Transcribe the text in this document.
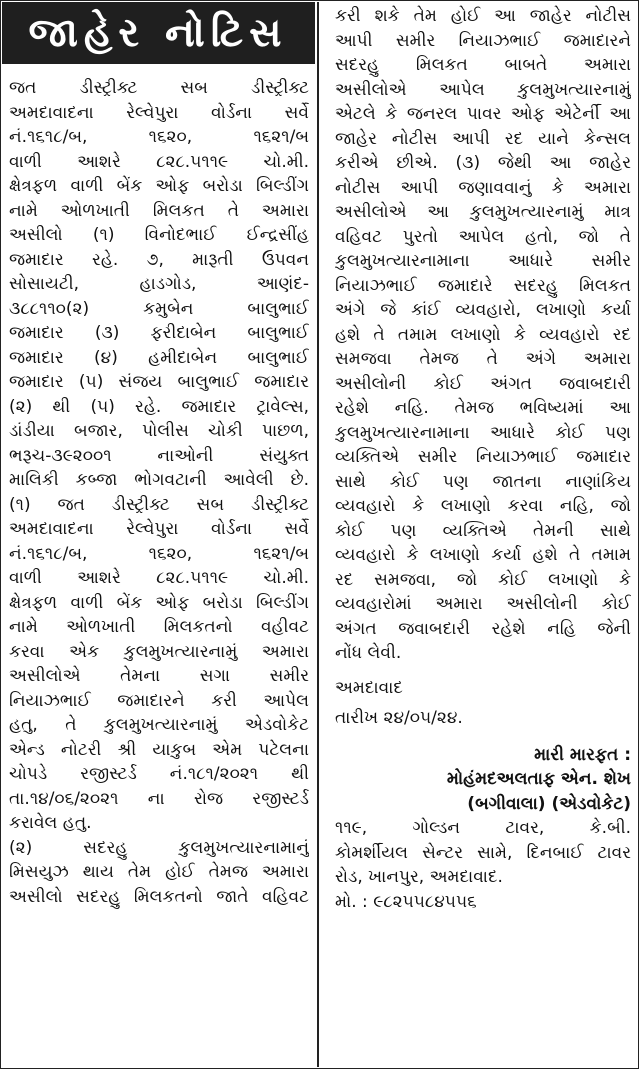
જાહેર નોટિસ
જત ડીસ્ટ્રીક્ટ સબ ડીસ્ટ્રીક્ટ
અમદાવાદના રેલ્વેપુરા વોર્ડના સર્વે
નં.૧૬૧૮/બ, ૧૬૨૦, ૧૬૨૧/બ
વાળી આશરે ૮૨૮.૫૧૧૯ ચો.મી.
ક્ષેત્રફળ વાળી બેંક ઓફ બરોડા બિલ્ડીંગ
નામે ઓળખાતી મિલકત તે અમારા
અસીલો (૧) વિનોદભાઈ ઈન્દ્રસીંહ
જમાદાર રહે. ૭, મારૂતી ઉપવન
સોસાયટી, હાડગોડ, આણંદ-
૩૮૮૧૧૦(૨) કમુબેન બાલુભાઈ
જમાદાર (૩) ફરીદાબેન બાલુભાઈ
જમાદાર (૪) હમીદાબેન બાલુભાઈ
જમાદાર (૫) સંજય બાલુભાઈ જમાદાર
(૨) થી (૫) રહે. જમાદાર ટ્રાવેલ્સ,
ડાંડીયા બજાર, પોલીસ ચોકી પાછળ,
ભરૂચ-૩૯૨૦૦૧ નાઓની સંયુક્ત
માલિકી કબ્જા ભોગવટાની આવેલી છે.
(૧) જત ડીસ્ટ્રીક્ટ સબ ડીસ્ટ્રીક્ટ
અમદાવાદના રેલ્વેપુરા વોર્ડના સર્વે
નં.૧૬૧૮/બ, ૧૬૨૦, ૧૬૨૧/બ
વાળી આશરે ૮૨૮.૫૧૧૯ ચો.મી.
ક્ષેત્રફળ વાળી બેંક ઓફ બરોડા બિલ્ડીંગ
નામે ઓળખાતી મિલકતનો વહીવટ
કરવા એક કુલમુખત્યારનામું અમારા
અસીલોએ તેમના સગા સમીર
નિયાઝભાઈ જમાદારને કરી આપેલ
હતુ, તે કુલમુખત્યારનામું એડવોકેટ
એન્ડ નોટરી શ્રી યાકુબ એમ પટેલના
ચોપડે રજીસ્ટર્ડ નં.૧૮૧/૨૦૨૧ થી
તા.૧૪/૦૬/૨૦૨૧ ના રોજ રજીસ્ટર્ડ
કરાવેલ હતુ.
(૨) સદરહુ કુલમુખત્યારનામાનું
મિસયુઝ થાય તેમ હોઈ તેમજ અમારા
અસીલો સદરહુ મિલકતનો જાતે વહિવટ
કરી શકે તેમ હોઈ આ જાહેર નોટીસ
આપી સમીર નિયાઝભાઈ જમાદારને
સદરહુ મિલકત બાબતે અમારા
અસીલોએ આપેલ કુલમુખત્યારનામું
એટલે કે જનરલ પાવર ઓફ એટેર્ની આ
જાહેર નોટીસ આપી રદ યાને કેન્સલ
કરીએ છીએ. (૩) જેથી આ જાહેર
નોટીસ આપી જણાવવાનું કે અમારા
અસીલોએ આ કુલમુખત્યારનામું માત્ર
વહિવટ પુરતો આપેલ હતો, જો તે
કુલમુખત્યારનામાના આધારે સમીર
નિયાઝભાઈ જમાદારે સદરહુ મિલકત
અંગે જે કાંઈ વ્યવહારો, લખાણો કર્યા
હશે તે તમામ લખાણો કે વ્યવહારો રદ
સમજવા તેમજ તે અંગે અમારા
અસીલોની કોઈ અંગત જવાબદારી
રહેશે નહિ. તેમજ ભવિષ્યમાં આ
કુલમુખત્યારનામાના આધારે કોઈ પણ
વ્યક્તિએ સમીર નિયાઝભાઈ જમાદાર
સાથે કોઈ પણ જાતના નાણાંકિય
વ્યવહારો કે લખાણો કરવા નહિ, જો
કોઈ પણ વ્યક્તિએ તેમની સાથે
વ્યવહારો કે લખાણો કર્યા હશે તે તમામ
રદ સમજવા, જો કોઈ લખાણો કે
વ્યવહારોમાં અમારા અસીલોની કોઈ
અંગત જવાબદારી રહેશે નહિ જેની
નોંધ લેવી.
અમદાવાદ
તારીખ ૨૪/૦૫/૨૪.
મારી મારફત :
મોહંમદઅલતાફ એન. શેખ
(બગીવાલા) (એડવોકેટ)
૧૧૯, ગોલ્ડન ટાવર, કે.બી.
કોમર્શીયલ સેન્ટર સામે, દિનબાઈ ટાવર
રોડ, ખાનપુર, અમદાવાદ.
મો. : ૯૮૨૫૫૮૪૫૫૬
